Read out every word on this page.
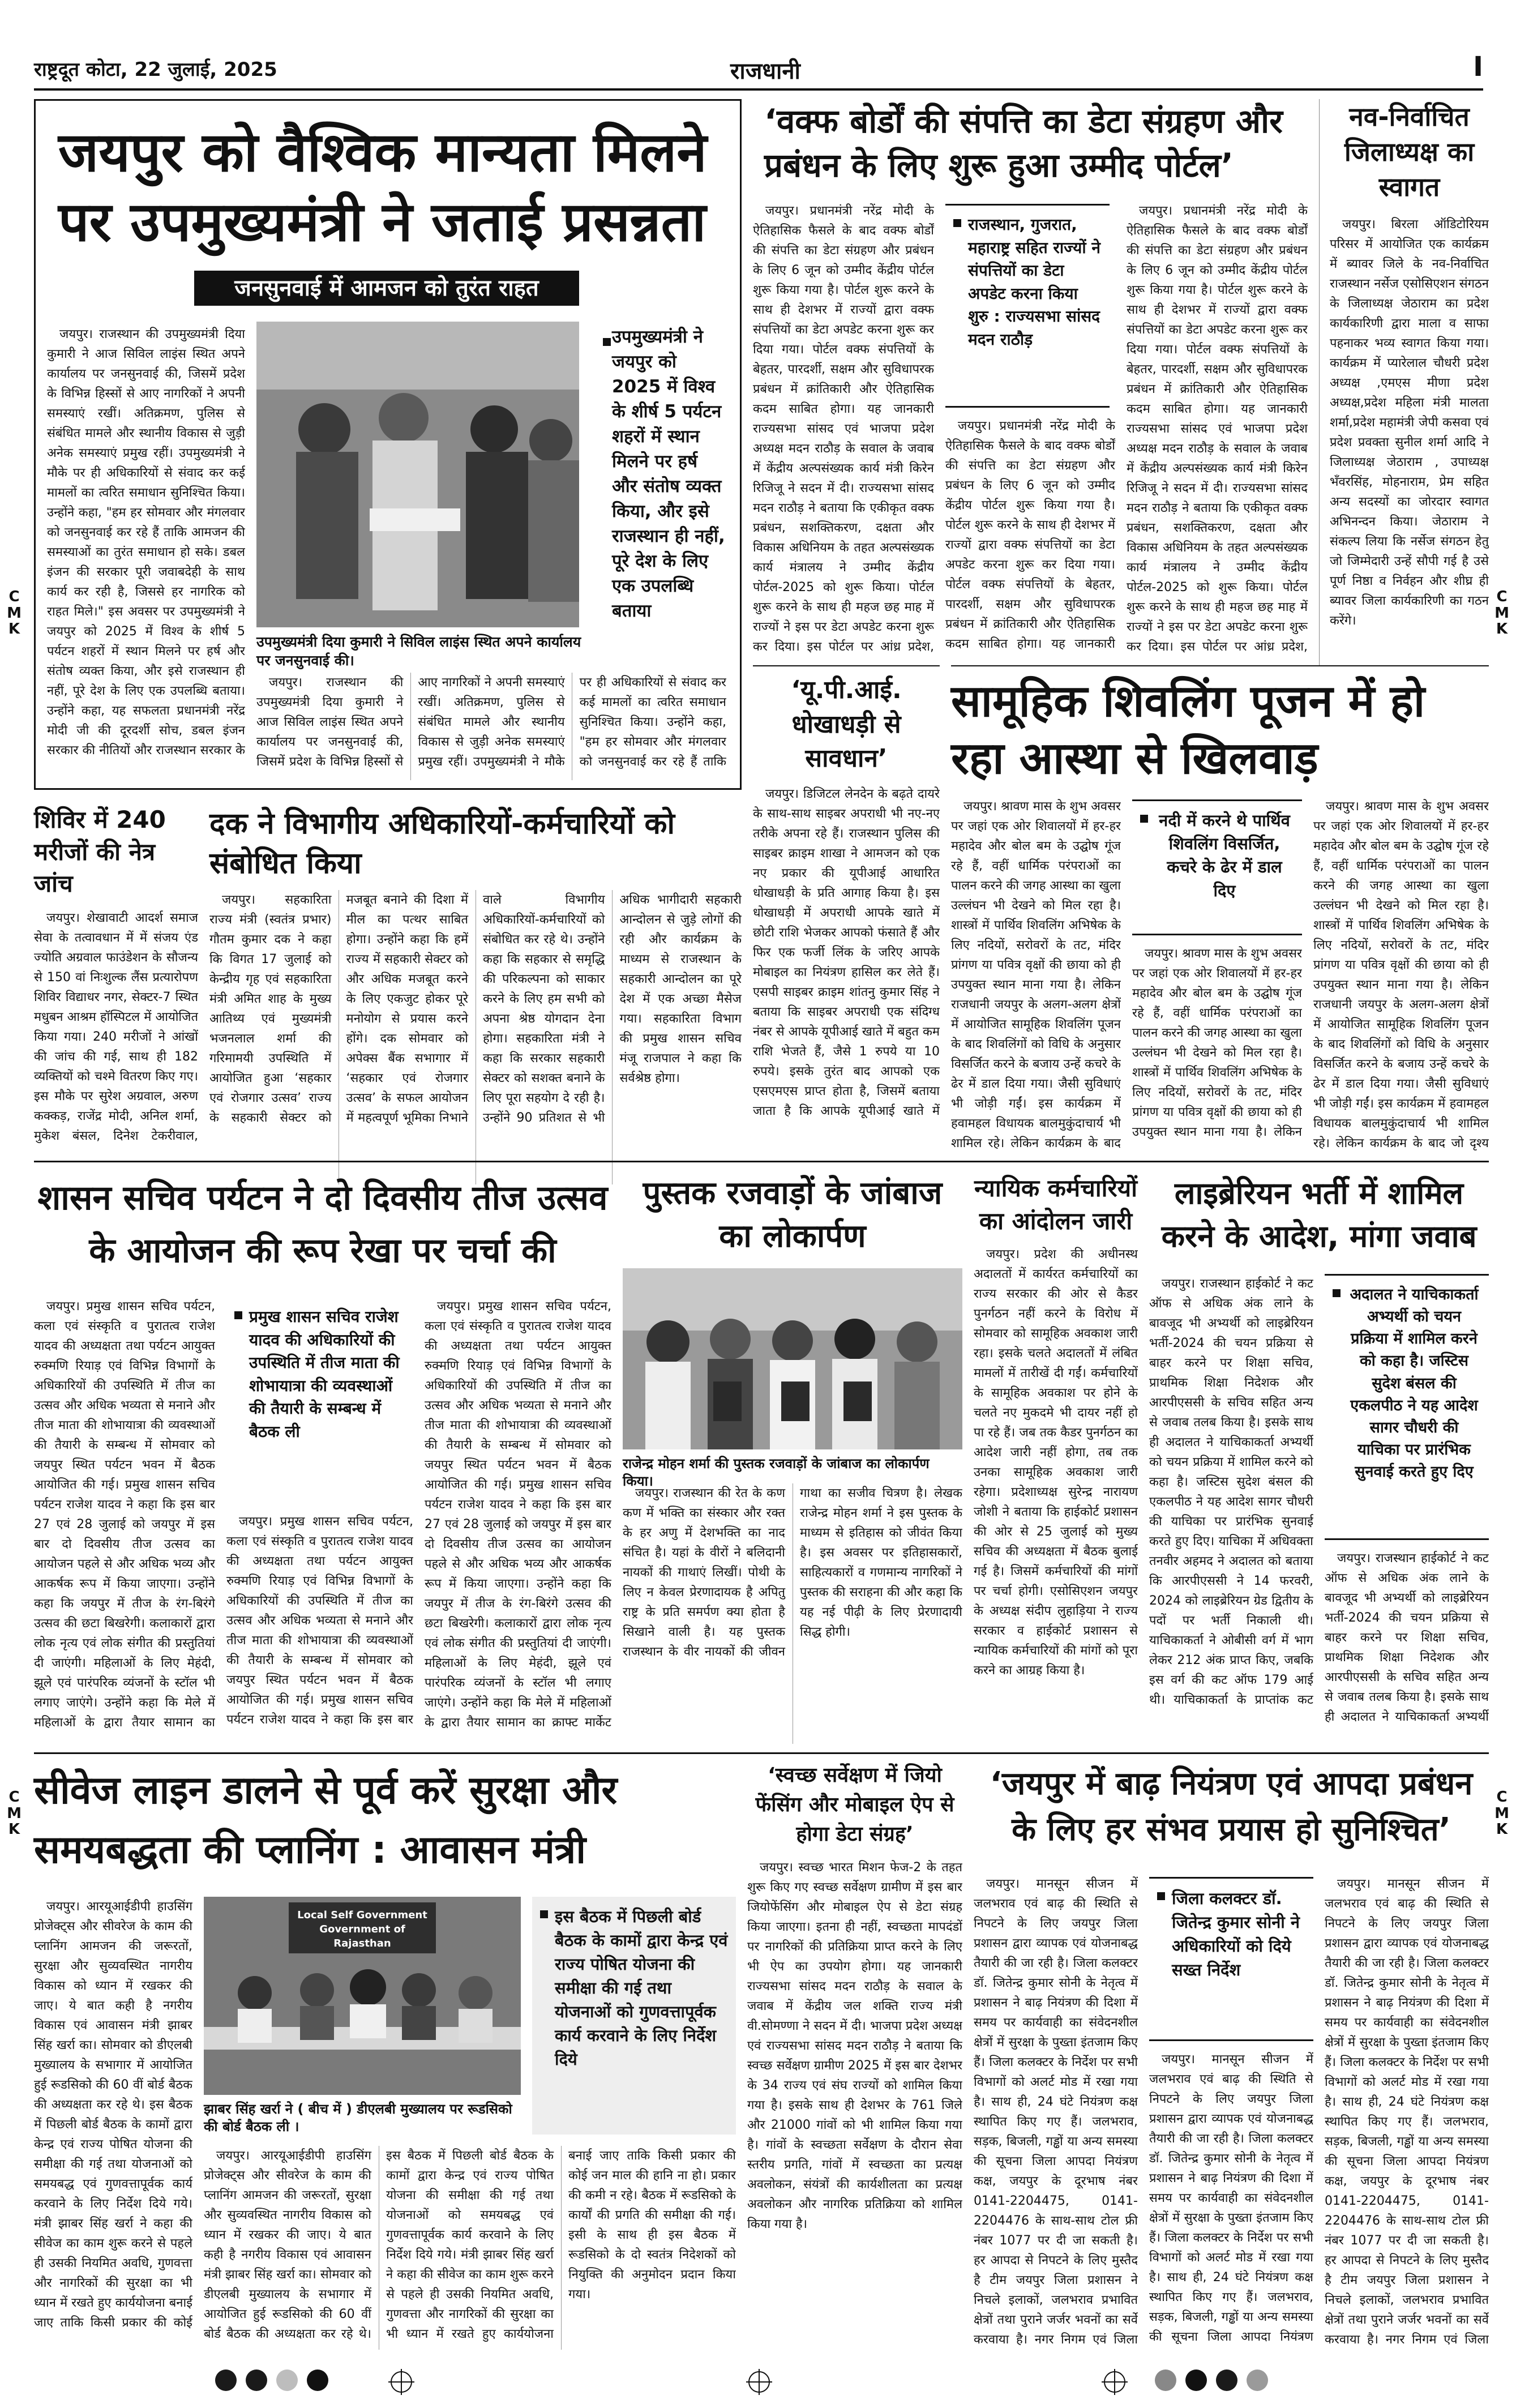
राष्ट्रदूत कोटा, 22 जुलाई, 2025	राजधानी	I
C
M
K
C
M
K
C
M
K
C
M
K
जयपुर को वैश्विक मान्यता मिलने पर उपमुख्यमंत्री ने जताई प्रसन्नता
जनसुनवाई में आमजन को तुरंत राहत
उपमुख्यमंत्री ने जयपुर को 2025 में विश्व के शीर्ष 5 पर्यटन शहरों में स्थान मिलने पर हर्ष और संतोष व्यक्त किया, और इसे राजस्थान ही नहीं, पूरे देश के लिए एक उपलब्धि बताया
उपमुख्यमंत्री दिया कुमारी ने सिविल लाइंस स्थित अपने कार्यालय पर जनसुनवाई की।

जयपुर। राजस्थान की उपमुख्यमंत्री दिया कुमारी ने आज सिविल लाइंस स्थित अपने कार्यालय पर जनसुनवाई की, जिसमें प्रदेश के विभिन्न हिस्सों से आए नागरिकों ने अपनी समस्याएं रखीं। अतिक्रमण, पुलिस से संबंधित मामले और स्थानीय विकास से जुड़ी अनेक समस्याएं प्रमुख रहीं। उपमुख्यमंत्री ने मौके पर ही अधिकारियों से संवाद कर कई मामलों का त्वरित समाधान सुनिश्चित किया। उन्होंने कहा, "हम हर सोमवार और मंगलवार को जनसुनवाई कर रहे हैं ताकि आमजन की समस्याओं का तुरंत समाधान हो सके। डबल इंजन की सरकार पूरी जवाबदेही के साथ कार्य कर रही है, जिससे हर नागरिक को राहत मिले।" इस अवसर पर उपमुख्यमंत्री ने जयपुर को 2025 में विश्व के शीर्ष 5 पर्यटन शहरों में स्थान मिलने पर हर्ष और संतोष व्यक्त किया, और इसे राजस्थान ही नहीं, पूरे देश के लिए एक उपलब्धि बताया। उन्होंने कहा, यह सफलता प्रधानमंत्री नरेंद्र मोदी जी की दूरदर्शी सोच, डबल इंजन सरकार की नीतियों और राजस्थान सरकार के

जयपुर। राजस्थान की उपमुख्यमंत्री दिया कुमारी ने आज सिविल लाइंस स्थित अपने कार्यालय पर जनसुनवाई की, जिसमें प्रदेश के विभिन्न हिस्सों से आए नागरिकों ने अपनी समस्याएं रखीं। अतिक्रमण, पुलिस से संबंधित मामले और स्थानीय विकास से जुड़ी अनेक समस्याएं प्रमुख रहीं। उपमुख्यमंत्री ने मौके पर ही अधिकारियों से संवाद कर कई मामलों का त्वरित समाधान सुनिश्चित किया। उन्होंने कहा, "हम हर सोमवार और मंगलवार को जनसुनवाई कर रहे हैं ताकि

‘वक्फ बोर्डों की संपत्ति का डेटा संग्रहण और प्रबंधन के लिए शुरू हुआ उम्मीद पोर्टल’

जयपुर। प्रधानमंत्री नरेंद्र मोदी के ऐतिहासिक फैसले के बाद वक्फ बोर्डों की संपत्ति का डेटा संग्रहण और प्रबंधन के लिए 6 जून को उम्मीद केंद्रीय पोर्टल शुरू किया गया है। पोर्टल शुरू करने के साथ ही देशभर में राज्यों द्वारा वक्फ संपत्तियों का डेटा अपडेट करना शुरू कर दिया गया। पोर्टल वक्फ संपत्तियों के बेहतर, पारदर्शी, सक्षम और सुविधापरक प्रबंधन में क्रांतिकारी और ऐतिहासिक कदम साबित होगा। यह जानकारी राज्यसभा सांसद एवं भाजपा प्रदेश अध्यक्ष मदन राठौड़ के सवाल के जवाब में केंद्रीय अल्पसंख्यक कार्य मंत्री किरेन रिजिजू ने सदन में दी। राज्यसभा सांसद मदन राठौड़ ने बताया कि एकीकृत वक्फ प्रबंधन, सशक्तिकरण, दक्षता और विकास अधिनियम के तहत अल्पसंख्यक कार्य मंत्रालय ने उम्मीद केंद्रीय पोर्टल-2025 को शुरू किया। पोर्टल शुरू करने के साथ ही महज छह माह में राज्यों ने इस पर डेटा अपडेट करना शुरू कर दिया। इस पोर्टल पर आंध्र प्रदेश,

राजस्थान, गुजरात, महाराष्ट्र सहित राज्यों ने संपत्तियों का डेटा अपडेट करना किया शुरु : राज्यसभा सांसद मदन राठौड़

जयपुर। प्रधानमंत्री नरेंद्र मोदी के ऐतिहासिक फैसले के बाद वक्फ बोर्डों की संपत्ति का डेटा संग्रहण और प्रबंधन के लिए 6 जून को उम्मीद केंद्रीय पोर्टल शुरू किया गया है। पोर्टल शुरू करने के साथ ही देशभर में राज्यों द्वारा वक्फ संपत्तियों का डेटा अपडेट करना शुरू कर दिया गया। पोर्टल वक्फ संपत्तियों के बेहतर, पारदर्शी, सक्षम और सुविधापरक प्रबंधन में क्रांतिकारी और ऐतिहासिक कदम साबित होगा। यह जानकारी

जयपुर। प्रधानमंत्री नरेंद्र मोदी के ऐतिहासिक फैसले के बाद वक्फ बोर्डों की संपत्ति का डेटा संग्रहण और प्रबंधन के लिए 6 जून को उम्मीद केंद्रीय पोर्टल शुरू किया गया है। पोर्टल शुरू करने के साथ ही देशभर में राज्यों द्वारा वक्फ संपत्तियों का डेटा अपडेट करना शुरू कर दिया गया। पोर्टल वक्फ संपत्तियों के बेहतर, पारदर्शी, सक्षम और सुविधापरक प्रबंधन में क्रांतिकारी और ऐतिहासिक कदम साबित होगा। यह जानकारी राज्यसभा सांसद एवं भाजपा प्रदेश अध्यक्ष मदन राठौड़ के सवाल के जवाब में केंद्रीय अल्पसंख्यक कार्य मंत्री किरेन रिजिजू ने सदन में दी। राज्यसभा सांसद मदन राठौड़ ने बताया कि एकीकृत वक्फ प्रबंधन, सशक्तिकरण, दक्षता और विकास अधिनियम के तहत अल्पसंख्यक कार्य मंत्रालय ने उम्मीद केंद्रीय पोर्टल-2025 को शुरू किया। पोर्टल शुरू करने के साथ ही महज छह माह में राज्यों ने इस पर डेटा अपडेट करना शुरू कर दिया। इस पोर्टल पर आंध्र प्रदेश,

नव-निर्वाचित जिलाध्यक्ष का स्वागत

जयपुर। बिरला ऑडिटोरियम परिसर में आयोजित एक कार्यक्रम में ब्यावर जिले के नव-निर्वाचित राजस्थान नर्सेज एसोसिएशन संगठन के जिलाध्यक्ष जेठाराम का प्रदेश कार्यकारिणी द्वारा माला व साफा पहनाकर भव्य स्वागत किया गया। कार्यक्रम में प्यारेलाल चौधरी प्रदेश अध्यक्ष ,एमएस मीणा प्रदेश अध्यक्ष,प्रदेश महिला मंत्री मालता शर्मा,प्रदेश महामंत्री जेपी कसवा एवं प्रदेश प्रवक्ता सुनील शर्मा आदि ने जिलाध्यक्ष जेठाराम , उपाध्यक्ष भँवरसिंह, मोहनाराम, प्रेम सहित अन्य सदस्यों का जोरदार स्वागत अभिनन्दन किया। जेठाराम ने संकल्प लिया कि नर्सेज संगठन हेतु जो जिम्मेदारी उन्हें सौपी गई है उसे पूर्ण निष्ठा व निर्वहन और शीघ्र ही ब्यावर जिला कार्यकारिणी का गठन करेंगे।

‘यू.पी.आई. धोखाधड़ी से सावधान’

जयपुर। डिजिटल लेनदेन के बढ़ते दायरे के साथ-साथ साइबर अपराधी भी नए-नए तरीके अपना रहे हैं। राजस्थान पुलिस की साइबर क्राइम शाखा ने आमजन को एक नए प्रकार की यूपीआई आधारित धोखाधड़ी के प्रति आगाह किया है। इस धोखाधड़ी में अपराधी आपके खाते में छोटी राशि भेजकर आपको फंसाते हैं और फिर एक फर्जी लिंक के जरिए आपके मोबाइल का नियंत्रण हासिल कर लेते हैं। एसपी साइबर क्राइम शांतनु कुमार सिंह ने बताया कि साइबर अपराधी एक संदिग्ध नंबर से आपके यूपीआई खाते में बहुत कम राशि भेजते हैं, जैसे 1 रुपये या 10 रुपये। इसके तुरंत बाद आपको एक एसएमएस प्राप्त होता है, जिसमें बताया जाता है कि आपके यूपीआई खाते में

सामूहिक शिवलिंग पूजन में हो रहा आस्था से खिलवाड़

जयपुर। श्रावण मास के शुभ अवसर पर जहां एक ओर शिवालयों में हर-हर महादेव और बोल बम के उद्घोष गूंज रहे हैं, वहीं धार्मिक परंपराओं का पालन करने की जगह आस्था का खुला उल्लंघन भी देखने को मिल रहा है। शास्त्रों में पार्थिव शिवलिंग अभिषेक के लिए नदियों, सरोवरों के तट, मंदिर प्रांगण या पवित्र वृक्षों की छाया को ही उपयुक्त स्थान माना गया है। लेकिन राजधानी जयपुर के अलग-अलग क्षेत्रों में आयोजित सामूहिक शिवलिंग पूजन के बाद शिवलिंगों को विधि के अनुसार विसर्जित करने के बजाय उन्हें कचरे के ढेर में डाल दिया गया। जैसी सुविधाएं भी जोड़ी गईं। इस कार्यक्रम में हवामहल विधायक बालमुकुंदाचार्य भी शामिल रहे। लेकिन कार्यक्रम के बाद

नदी में करने थे पार्थिव शिवलिंग विसर्जित, कचरे के ढेर में डाल दिए

जयपुर। श्रावण मास के शुभ अवसर पर जहां एक ओर शिवालयों में हर-हर महादेव और बोल बम के उद्घोष गूंज रहे हैं, वहीं धार्मिक परंपराओं का पालन करने की जगह आस्था का खुला उल्लंघन भी देखने को मिल रहा है। शास्त्रों में पार्थिव शिवलिंग अभिषेक के लिए नदियों, सरोवरों के तट, मंदिर प्रांगण या पवित्र वृक्षों की छाया को ही उपयुक्त स्थान माना गया है। लेकिन

जयपुर। श्रावण मास के शुभ अवसर पर जहां एक ओर शिवालयों में हर-हर महादेव और बोल बम के उद्घोष गूंज रहे हैं, वहीं धार्मिक परंपराओं का पालन करने की जगह आस्था का खुला उल्लंघन भी देखने को मिल रहा है। शास्त्रों में पार्थिव शिवलिंग अभिषेक के लिए नदियों, सरोवरों के तट, मंदिर प्रांगण या पवित्र वृक्षों की छाया को ही उपयुक्त स्थान माना गया है। लेकिन राजधानी जयपुर के अलग-अलग क्षेत्रों में आयोजित सामूहिक शिवलिंग पूजन के बाद शिवलिंगों को विधि के अनुसार विसर्जित करने के बजाय उन्हें कचरे के ढेर में डाल दिया गया। जैसी सुविधाएं भी जोड़ी गईं। इस कार्यक्रम में हवामहल विधायक बालमुकुंदाचार्य भी शामिल रहे। लेकिन कार्यक्रम के बाद जो दृश्य

शिविर में 240 मरीजों की नेत्र जांच

जयपुर। शेखावाटी आदर्श समाज सेवा के तत्वावधान में में संजय एंड ज्योति अग्रवाल फाउंडेशन के सौजन्य से 150 वां निःशुल्क लैंस प्रत्यारोपण शिविर विद्याधर नगर, सेक्टर-7 स्थित मधुबन आश्रम हॉस्पिटल में आयोजित किया गया। 240 मरीजों ने आंखों की जांच की गई, साथ ही 182 व्यक्तियों को चश्मे वितरण किए गए। इस मौके पर सुरेश अग्रवाल, अरुण कक्कड़, राजेंद्र मोदी, अनिल शर्मा, मुकेश बंसल, दिनेश टेकरीवाल,

दक ने विभागीय अधिकारियों-कर्मचारियों को संबोधित किया

जयपुर। सहकारिता राज्य मंत्री (स्वतंत्र प्रभार) गौतम कुमार दक ने कहा कि विगत 17 जुलाई को केन्द्रीय गृह एवं सहकारिता मंत्री अमित शाह के मुख्य आतिथ्य एवं मुख्यमंत्री भजनलाल शर्मा की गरिमामयी उपस्थिति में आयोजित हुआ ‘सहकार एवं रोजगार उत्सव’ राज्य के सहकारी सेक्टर को मजबूत बनाने की दिशा में मील का पत्थर साबित होगा। उन्होंने कहा कि हमें राज्य में सहकारी सेक्टर को और अधिक मजबूत करने के लिए एकजुट होकर पूरे मनोयोग से प्रयास करने होंगे। दक सोमवार को अपेक्स बैंक सभागार में ‘सहकार एवं रोजगार उत्सव’ के सफल आयोजन में महत्वपूर्ण भूमिका निभाने वाले विभागीय अधिकारियों-कर्मचारियों को संबोधित कर रहे थे। उन्होंने कहा कि सहकार से समृद्धि की परिकल्पना को साकार करने के लिए हम सभी को अपना श्रेष्ठ योगदान देना होगा। सहकारिता मंत्री ने कहा कि सरकार सहकारी सेक्टर को सशक्त बनाने के लिए पूरा सहयोग दे रही है। उन्होंने 90 प्रतिशत से भी अधिक भागीदारी सहकारी आन्दोलन से जुड़े लोगों की रही और कार्यक्रम के माध्यम से राजस्थान के सहकारी आन्दोलन का पूरे देश में एक अच्छा मैसेज गया। सहकारिता विभाग की प्रमुख शासन सचिव मंजू राजपाल ने कहा कि सर्वश्रेष्ठ होगा।

शासन सचिव पर्यटन ने दो दिवसीय तीज उत्सव के आयोजन की रूप रेखा पर चर्चा की

जयपुर। प्रमुख शासन सचिव पर्यटन, कला एवं संस्कृति व पुरातत्व राजेश यादव की अध्यक्षता तथा पर्यटन आयुक्त रुक्मणि रियाड़ एवं विभिन्न विभागों के अधिकारियों की उपस्थिति में तीज का उत्सव और अधिक भव्यता से मनाने और तीज माता की शोभायात्रा की व्यवस्थाओं की तैयारी के सम्बन्ध में सोमवार को जयपुर स्थित पर्यटन भवन में बैठक आयोजित की गई। प्रमुख शासन सचिव पर्यटन राजेश यादव ने कहा कि इस बार 27 एवं 28 जुलाई को जयपुर में इस बार दो दिवसीय तीज उत्सव का आयोजन पहले से और अधिक भव्य और आकर्षक रूप में किया जाएगा। उन्होंने कहा कि जयपुर में तीज के रंग-बिरंगे उत्सव की छटा बिखरेगी। कलाकारों द्वारा लोक नृत्य एवं लोक संगीत की प्रस्तुतियां दी जाएंगी। महिलाओं के लिए मेहंदी, झूले एवं पारंपरिक व्यंजनों के स्टॉल भी लगाए जाएंगे। उन्होंने कहा कि मेले में महिलाओं के द्वारा तैयार सामान का

प्रमुख शासन सचिव राजेश यादव की अधिकारियों की उपस्थिति में तीज माता की शोभायात्रा की व्यवस्थाओं की तैयारी के सम्बन्ध में बैठक ली

जयपुर। प्रमुख शासन सचिव पर्यटन, कला एवं संस्कृति व पुरातत्व राजेश यादव की अध्यक्षता तथा पर्यटन आयुक्त रुक्मणि रियाड़ एवं विभिन्न विभागों के अधिकारियों की उपस्थिति में तीज का उत्सव और अधिक भव्यता से मनाने और तीज माता की शोभायात्रा की व्यवस्थाओं की तैयारी के सम्बन्ध में सोमवार को जयपुर स्थित पर्यटन भवन में बैठक आयोजित की गई। प्रमुख शासन सचिव पर्यटन राजेश यादव ने कहा कि इस बार

जयपुर। प्रमुख शासन सचिव पर्यटन, कला एवं संस्कृति व पुरातत्व राजेश यादव की अध्यक्षता तथा पर्यटन आयुक्त रुक्मणि रियाड़ एवं विभिन्न विभागों के अधिकारियों की उपस्थिति में तीज का उत्सव और अधिक भव्यता से मनाने और तीज माता की शोभायात्रा की व्यवस्थाओं की तैयारी के सम्बन्ध में सोमवार को जयपुर स्थित पर्यटन भवन में बैठक आयोजित की गई। प्रमुख शासन सचिव पर्यटन राजेश यादव ने कहा कि इस बार 27 एवं 28 जुलाई को जयपुर में इस बार दो दिवसीय तीज उत्सव का आयोजन पहले से और अधिक भव्य और आकर्षक रूप में किया जाएगा। उन्होंने कहा कि जयपुर में तीज के रंग-बिरंगे उत्सव की छटा बिखरेगी। कलाकारों द्वारा लोक नृत्य एवं लोक संगीत की प्रस्तुतियां दी जाएंगी। महिलाओं के लिए मेहंदी, झूले एवं पारंपरिक व्यंजनों के स्टॉल भी लगाए जाएंगे। उन्होंने कहा कि मेले में महिलाओं के द्वारा तैयार सामान का क्राफ्ट मार्केट

पुस्तक रजवाड़ों के जांबाज का लोकार्पण
राजेन्द्र मोहन शर्मा की पुस्तक रजवाड़ों के जांबाज का लोकार्पण किया।

जयपुर। राजस्थान की रेत के कण कण में भक्ति का संस्कार और रक्त के हर अणु में देशभक्ति का नाद संचित है। यहां के वीरों ने बलिदानी नायकों की गाथाएं लिखीं। पोथी के लिए न केवल प्रेरणादायक है अपितु राष्ट्र के प्रति समर्पण क्या होता है सिखाने वाली है। यह पुस्तक राजस्थान के वीर नायकों की जीवन गाथा का सजीव चित्रण है। लेखक राजेन्द्र मोहन शर्मा ने इस पुस्तक के माध्यम से इतिहास को जीवंत किया है। इस अवसर पर इतिहासकारों, साहित्यकारों व गणमान्य नागरिकों ने पुस्तक की सराहना की और कहा कि यह नई पीढ़ी के लिए प्रेरणादायी सिद्ध होगी।

न्यायिक कर्मचारियों का आंदोलन जारी

जयपुर। प्रदेश की अधीनस्थ अदालतों में कार्यरत कर्मचारियों का राज्य सरकार की ओर से कैडर पुनर्गठन नहीं करने के विरोध में सोमवार को सामूहिक अवकाश जारी रहा। इसके चलते अदालतों में लंबित मामलों में तारीखें दी गईं। कर्मचारियों के सामूहिक अवकाश पर होने के चलते नए मुकदमे भी दायर नहीं हो पा रहे हैं। जब तक कैडर पुनर्गठन का आदेश जारी नहीं होगा, तब तक उनका सामूहिक अवकाश जारी रहेगा। प्रदेशाध्यक्ष सुरेन्द्र नारायण जोशी ने बताया कि हाईकोर्ट प्रशासन की ओर से 25 जुलाई को मुख्य सचिव की अध्यक्षता में बैठक बुलाई गई है। जिसमें कर्मचारियों की मांगों पर चर्चा होगी। एसोसिएशन जयपुर के अध्यक्ष संदीप लुहाड़िया ने राज्य सरकार व हाईकोर्ट प्रशासन से न्यायिक कर्मचारियों की मांगों को पूरा करने का आग्रह किया है।

लाइब्रेरियन भर्ती में शामिल करने के आदेश, मांगा जवाब

जयपुर। राजस्थान हाईकोर्ट ने कट ऑफ से अधिक अंक लाने के बावजूद भी अभ्यर्थी को लाइब्रेरियन भर्ती-2024 की चयन प्रक्रिया से बाहर करने पर शिक्षा सचिव, प्राथमिक शिक्षा निदेशक और आरपीएससी के सचिव सहित अन्य से जवाब तलब किया है। इसके साथ ही अदालत ने याचिकाकर्ता अभ्यर्थी को चयन प्रक्रिया में शामिल करने को कहा है। जस्टिस सुदेश बंसल की एकलपीठ ने यह आदेश सागर चौधरी की याचिका पर प्रारंभिक सुनवाई करते हुए दिए। याचिका में अधिवक्ता तनवीर अहमद ने अदालत को बताया कि आरपीएससी ने 14 फरवरी, 2024 को लाइब्रेरियन ग्रेड द्वितीय के पदों पर भर्ती निकाली थी। याचिकाकर्ता ने ओबीसी वर्ग में भाग लेकर 212 अंक प्राप्त किए, जबकि इस वर्ग की कट ऑफ 179 आई थी। याचिकाकर्ता के प्राप्तांक कट

अदालत ने याचिकाकर्ता अभ्यर्थी को चयन प्रक्रिया में शामिल करने को कहा है। जस्टिस सुदेश बंसल की एकलपीठ ने यह आदेश सागर चौधरी की याचिका पर प्रारंभिक सुनवाई करते हुए दिए

जयपुर। राजस्थान हाईकोर्ट ने कट ऑफ से अधिक अंक लाने के बावजूद भी अभ्यर्थी को लाइब्रेरियन भर्ती-2024 की चयन प्रक्रिया से बाहर करने पर शिक्षा सचिव, प्राथमिक शिक्षा निदेशक और आरपीएससी के सचिव सहित अन्य से जवाब तलब किया है। इसके साथ ही अदालत ने याचिकाकर्ता अभ्यर्थी

सीवेज लाइन डालने से पूर्व करें सुरक्षा और समयबद्धता की प्लानिंग : आवासन मंत्री

जयपुर। आरयूआईडीपी हाउसिंग प्रोजेक्ट्स और सीवरेज के काम की प्लानिंग आमजन की जरूरतों, सुरक्षा और सुव्यवस्थित नागरीय विकास को ध्यान में रखकर की जाए। ये बात कही है नगरीय विकास एवं आवासन मंत्री झाबर सिंह खर्रा का। सोमवार को डीएलबी मुख्यालय के सभागार में आयोजित हुई रूडसिको की 60 वीं बोर्ड बैठक की अध्यक्षता कर रहे थे। इस बैठक में पिछली बोर्ड बैठक के कामों द्वारा केन्द्र एवं राज्य पोषित योजना की समीक्षा की गई तथा योजनाओं को समयबद्ध एवं गुणवत्तापूर्वक कार्य करवाने के लिए निर्देश दिये गये। मंत्री झाबर सिंह खर्रा ने कहा की सीवेज का काम शुरू करने से पहले ही उसकी नियमित अवधि, गुणवत्ता और नागरिकों की सुरक्षा का भी ध्यान में रखते हुए कार्ययोजना बनाई जाए ताकि किसी प्रकार की कोई

Local Self Government
Government of Rajasthan
झाबर सिंह खर्रा ने ( बीच में ) डीएलबी मुख्यालय पर रूडसिको की बोर्ड बैठक ली ।
इस बैठक में पिछली बोर्ड बैठक के कामों द्वारा केन्द्र एवं राज्य पोषित योजना की समीक्षा की गई तथा योजनाओं को गुणवत्तापूर्वक कार्य करवाने के लिए निर्देश दिये

जयपुर। आरयूआईडीपी हाउसिंग प्रोजेक्ट्स और सीवरेज के काम की प्लानिंग आमजन की जरूरतों, सुरक्षा और सुव्यवस्थित नागरीय विकास को ध्यान में रखकर की जाए। ये बात कही है नगरीय विकास एवं आवासन मंत्री झाबर सिंह खर्रा का। सोमवार को डीएलबी मुख्यालय के सभागार में आयोजित हुई रूडसिको की 60 वीं बोर्ड बैठक की अध्यक्षता कर रहे थे। इस बैठक में पिछली बोर्ड बैठक के कामों द्वारा केन्द्र एवं राज्य पोषित योजना की समीक्षा की गई तथा योजनाओं को समयबद्ध एवं गुणवत्तापूर्वक कार्य करवाने के लिए निर्देश दिये गये। मंत्री झाबर सिंह खर्रा ने कहा की सीवेज का काम शुरू करने से पहले ही उसकी नियमित अवधि, गुणवत्ता और नागरिकों की सुरक्षा का भी ध्यान में रखते हुए कार्ययोजना बनाई जाए ताकि किसी प्रकार की कोई जन माल की हानि ना हो। प्रकार की कमी न रहे। बैठक में रूडसिको के कार्यों की प्रगति की समीक्षा की गई। इसी के साथ ही इस बैठक में रूडसिको के दो स्वतंत्र निदेशकों को नियुक्ति की अनुमोदन प्रदान किया गया।

‘स्वच्छ सर्वेक्षण में जियो फेंसिंग और मोबाइल ऐप से होगा डेटा संग्रह’

जयपुर। स्वच्छ भारत मिशन फेज-2 के तहत शुरू किए गए स्वच्छ सर्वेक्षण ग्रामीण में इस बार जियोफेंसिंग और मोबाइल ऐप से डेटा संग्रह किया जाएगा। इतना ही नहीं, स्वच्छता मापदंडों पर नागरिकों की प्रतिक्रिया प्राप्त करने के लिए भी ऐप का उपयोग होगा। यह जानकारी राज्यसभा सांसद मदन राठौड़ के सवाल के जवाब में केंद्रीय जल शक्ति राज्य मंत्री वी.सोमण्णा ने सदन में दी। भाजपा प्रदेश अध्यक्ष एवं राज्यसभा सांसद मदन राठौड़ ने बताया कि स्वच्छ सर्वेक्षण ग्रामीण 2025 में इस बार देशभर के 34 राज्य एवं संघ राज्यों को शामिल किया गया है। इसके साथ ही देशभर के 761 जिले और 21000 गांवों को भी शामिल किया गया है। गांवों के स्वच्छता सर्वेक्षण के दौरान सेवा स्तरीय प्रगति, गांवों में स्वच्छता का प्रत्यक्ष अवलोकन, संयंत्रों की कार्यशीलता का प्रत्यक्ष अवलोकन और नागरिक प्रतिक्रिया को शामिल किया गया है।

‘जयपुर में बाढ़ नियंत्रण एवं आपदा प्रबंधन के लिए हर संभव प्रयास हो सुनिश्चित’

जयपुर। मानसून सीजन में जलभराव एवं बाढ़ की स्थिति से निपटने के लिए जयपुर जिला प्रशासन द्वारा व्यापक एवं योजनाबद्ध तैयारी की जा रही है। जिला कलक्टर डॉ. जितेन्द्र कुमार सोनी के नेतृत्व में प्रशासन ने बाढ़ नियंत्रण की दिशा में समय पर कार्यवाही का संवेदनशील क्षेत्रों में सुरक्षा के पुख्ता इंतजाम किए हैं। जिला कलक्टर के निर्देश पर सभी विभागों को अलर्ट मोड में रखा गया है। साथ ही, 24 घंटे नियंत्रण कक्ष स्थापित किए गए हैं। जलभराव, सड़क, बिजली, गड्ढों या अन्य समस्या की सूचना जिला आपदा नियंत्रण कक्ष, जयपुर के दूरभाष नंबर 0141-2204475, 0141-2204476 के साथ-साथ टोल फ्री नंबर 1077 पर दी जा सकती है। हर आपदा से निपटने के लिए मुस्तैद है टीम जयपुर जिला प्रशासन ने निचले इलाकों, जलभराव प्रभावित क्षेत्रों तथा पुराने जर्जर भवनों का सर्वे करवाया है। नगर निगम एवं जिला

जिला कलक्टर डॉ. जितेन्द्र कुमार सोनी ने अधिकारियों को दिये सख्त निर्देश

जयपुर। मानसून सीजन में जलभराव एवं बाढ़ की स्थिति से निपटने के लिए जयपुर जिला प्रशासन द्वारा व्यापक एवं योजनाबद्ध तैयारी की जा रही है। जिला कलक्टर डॉ. जितेन्द्र कुमार सोनी के नेतृत्व में प्रशासन ने बाढ़ नियंत्रण की दिशा में समय पर कार्यवाही का संवेदनशील क्षेत्रों में सुरक्षा के पुख्ता इंतजाम किए हैं। जिला कलक्टर के निर्देश पर सभी विभागों को अलर्ट मोड में रखा गया है। साथ ही, 24 घंटे नियंत्रण कक्ष स्थापित किए गए हैं। जलभराव, सड़क, बिजली, गड्ढों या अन्य समस्या की सूचना जिला आपदा नियंत्रण

जयपुर। मानसून सीजन में जलभराव एवं बाढ़ की स्थिति से निपटने के लिए जयपुर जिला प्रशासन द्वारा व्यापक एवं योजनाबद्ध तैयारी की जा रही है। जिला कलक्टर डॉ. जितेन्द्र कुमार सोनी के नेतृत्व में प्रशासन ने बाढ़ नियंत्रण की दिशा में समय पर कार्यवाही का संवेदनशील क्षेत्रों में सुरक्षा के पुख्ता इंतजाम किए हैं। जिला कलक्टर के निर्देश पर सभी विभागों को अलर्ट मोड में रखा गया है। साथ ही, 24 घंटे नियंत्रण कक्ष स्थापित किए गए हैं। जलभराव, सड़क, बिजली, गड्ढों या अन्य समस्या की सूचना जिला आपदा नियंत्रण कक्ष, जयपुर के दूरभाष नंबर 0141-2204475, 0141-2204476 के साथ-साथ टोल फ्री नंबर 1077 पर दी जा सकती है। हर आपदा से निपटने के लिए मुस्तैद है टीम जयपुर जिला प्रशासन ने निचले इलाकों, जलभराव प्रभावित क्षेत्रों तथा पुराने जर्जर भवनों का सर्वे करवाया है। नगर निगम एवं जिला
